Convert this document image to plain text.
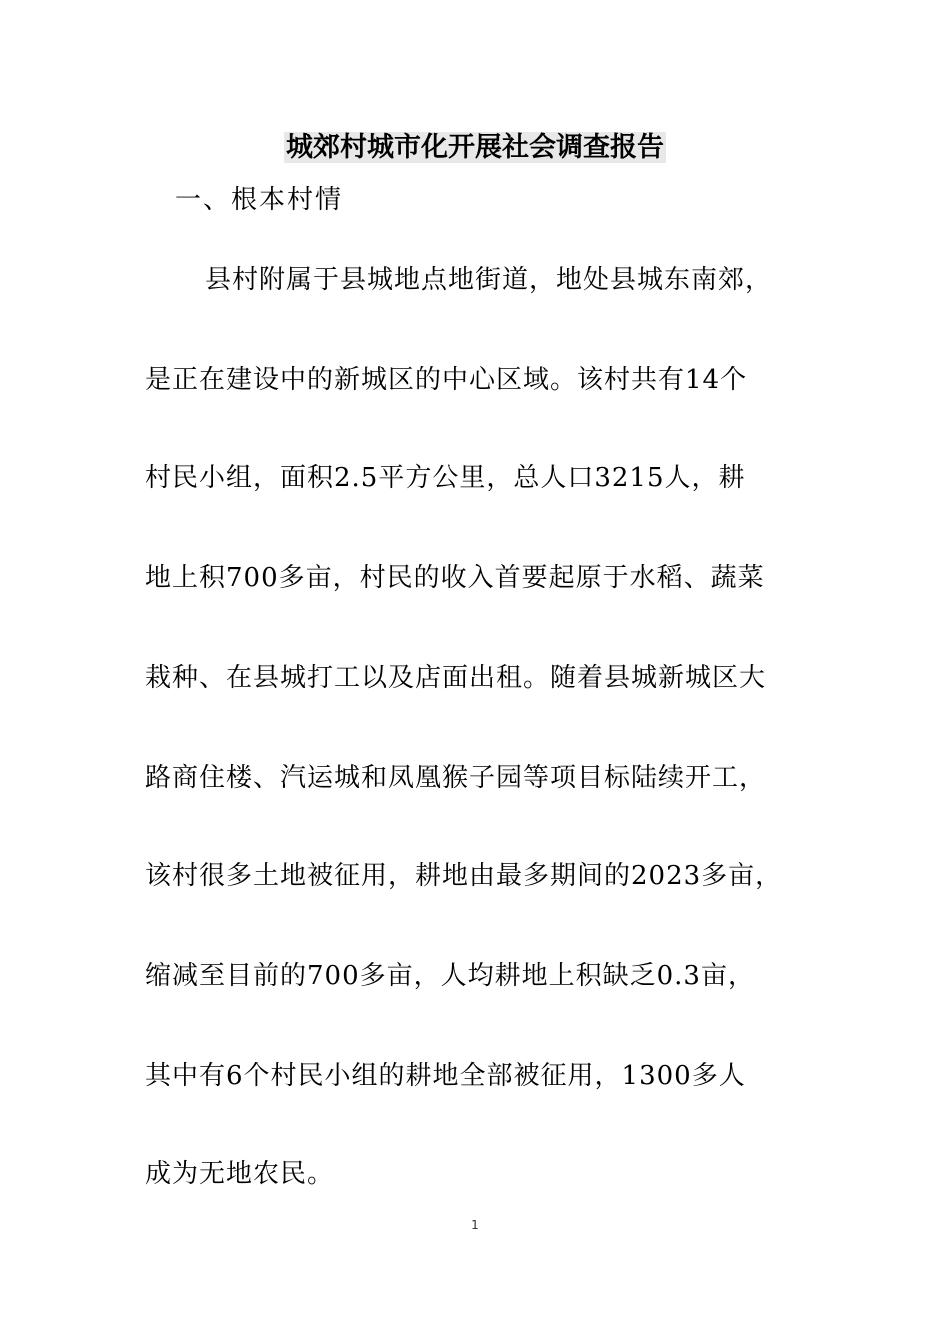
城郊村城市化开展社会调查报告
一、根本村情
县村附属于县城地点地街道，地处县城东南郊，
是正在建设中的新城区的中心区域。该村共有14个
村民小组，面积2.5平方公里，总人口3215人，耕
地上积700多亩，村民的收入首要起原于水稻、蔬菜
栽种、在县城打工以及店面出租。随着县城新城区大
路商住楼、汽运城和凤凰猴子园等项目标陆续开工，
该村很多土地被征用，耕地由最多期间的2023多亩，
缩减至目前的700多亩，人均耕地上积缺乏0.3亩，
其中有6个村民小组的耕地全部被征用，1300多人
成为无地农民。
1
